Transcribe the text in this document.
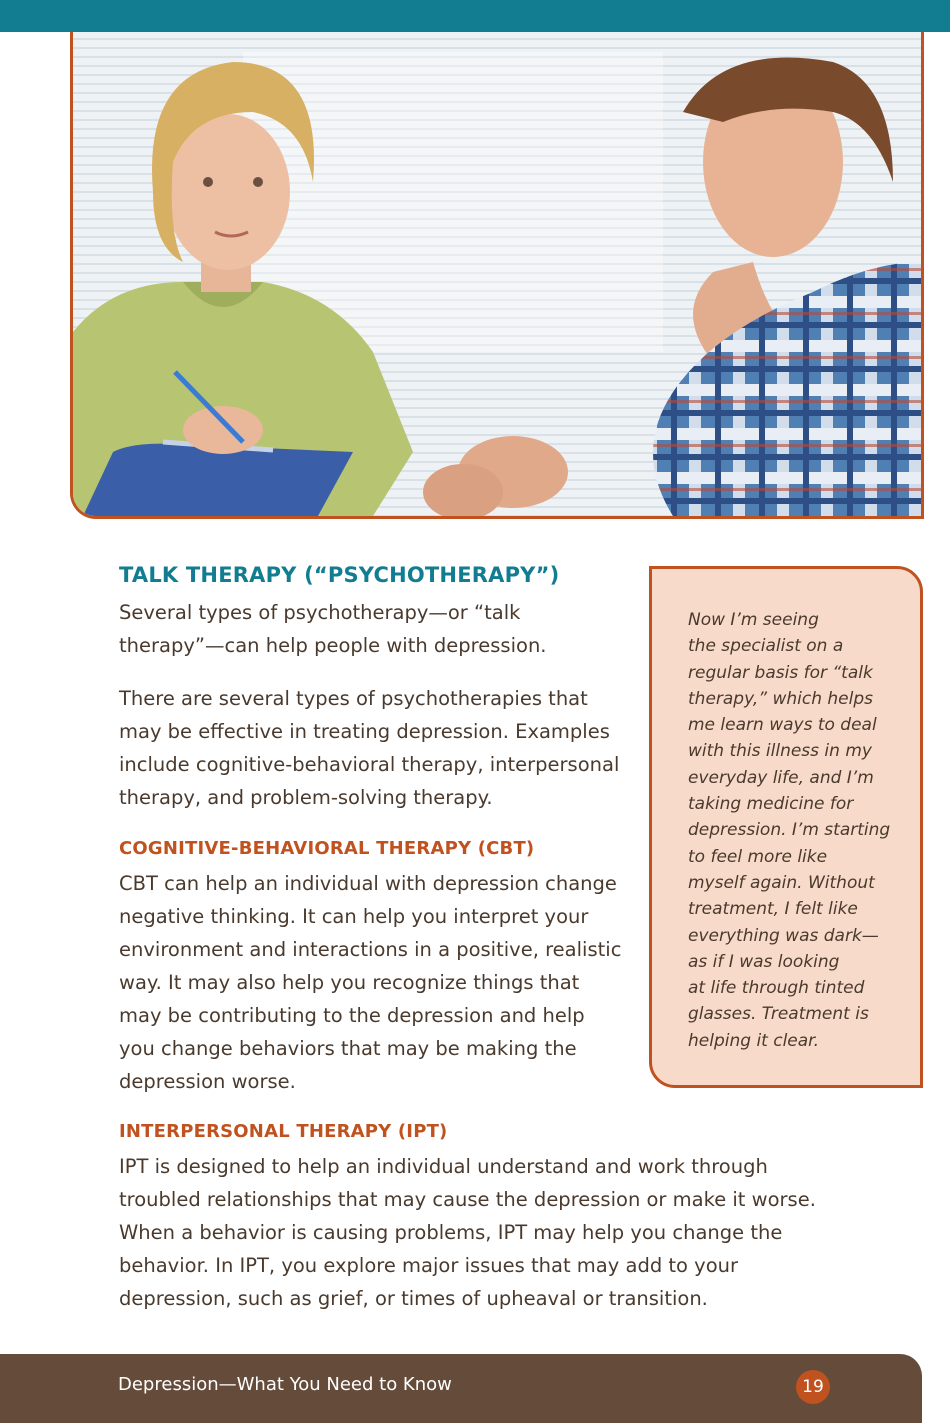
TALK THERAPY (“PSYCHOTHERAPY”)

Several types of psychotherapy—or “talk

therapy”—can help people with depression.

There are several types of psychotherapies that

may be effective in treating depression. Examples

include cognitive-behavioral therapy, interpersonal

therapy, and problem-solving therapy.

COGNITIVE-BEHAVIORAL THERAPY (CBT)

CBT can help an individual with depression change

negative thinking. It can help you interpret your

environment and interactions in a positive, realistic

way. It may also help you recognize things that

may be contributing to the depression and help

you change behaviors that may be making the

depression worse.

INTERPERSONAL THERAPY (IPT)

IPT is designed to help an individual understand and work through

troubled relationships that may cause the depression or make it worse.

When a behavior is causing problems, IPT may help you change the

behavior. In IPT, you explore major issues that may add to your

depression, such as grief, or times of upheaval or transition.

Now I’m seeing
the specialist on a
regular basis for “talk
therapy,” which helps
me learn ways to deal
with this illness in my
everyday life, and I’m
taking medicine for
depression. I’m starting
to feel more like
myself again. Without
treatment, I felt like
everything was dark—
as if I was looking
at life through tinted
glasses. Treatment is
helping it clear.

Depression—What You Need to Know	19
